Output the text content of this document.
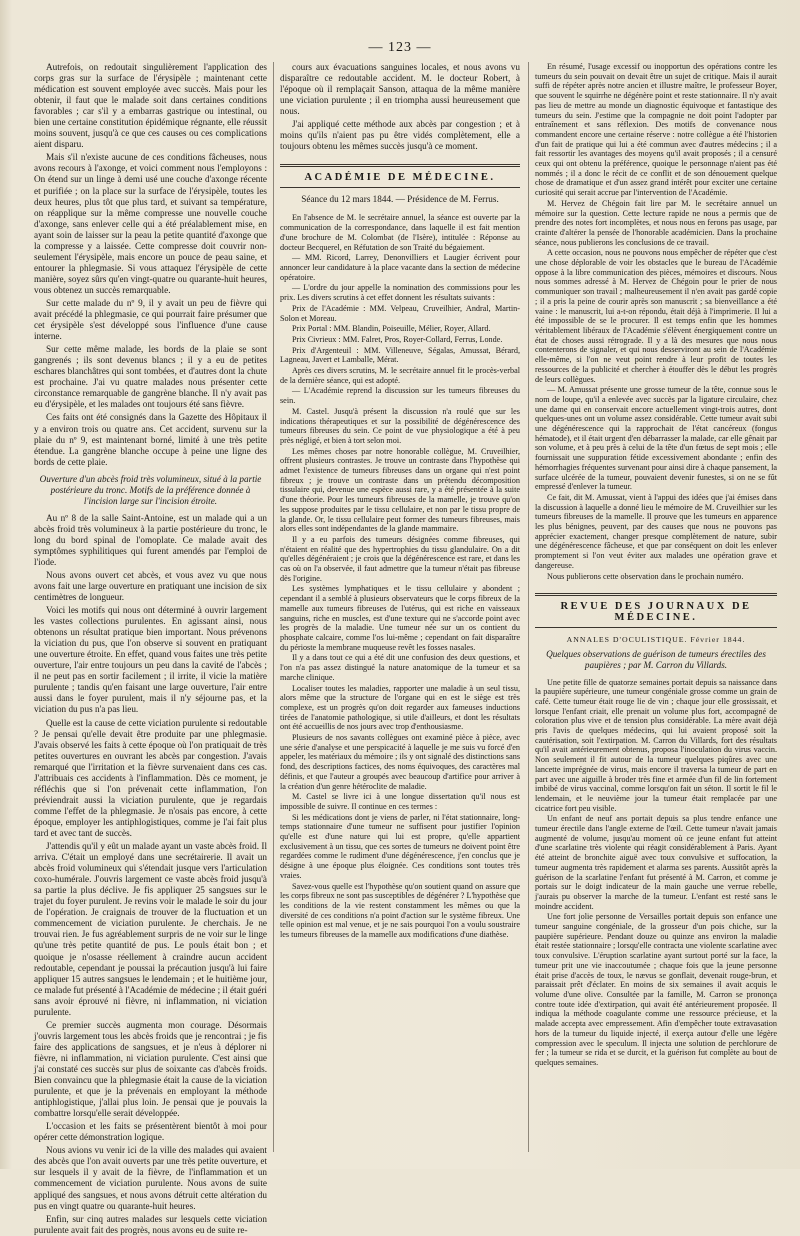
— 123 —

Autrefois, on redoutait singulièrement l'application des corps gras sur la surface de l'érysipèle ; maintenant cette médication est souvent employée avec succès. Mais pour les obtenir, il faut que le malade soit dans certaines conditions favorables ; car s'il y a embarras gastrique ou intestinal, ou bien une certaine constitution épidémique régnante, elle réussit moins souvent, jusqu'à ce que ces causes ou ces complications aient disparu.

Mais s'il n'existe aucune de ces conditions fâcheuses, nous avons recours à l'axonge, et voici comment nous l'employons : On étend sur un linge à demi usé une couche d'axonge récente et purifiée ; on la place sur la surface de l'érysipèle, toutes les deux heures, plus tôt que plus tard, et suivant sa température, on réapplique sur la même compresse une nouvelle couche d'axonge, sans enlever celle qui a été préalablement mise, en ayant soin de laisser sur la peau la petite quantité d'axonge que la compresse y a laissée. Cette compresse doit couvrir non-seulement l'érysipèle, mais encore un pouce de peau saine, et entourer la phlegmasie. Si vous attaquez l'érysipèle de cette manière, soyez sûrs qu'en vingt-quatre ou quarante-huit heures, vous obtenez un succès remarquable.

Sur cette malade du nº 9, il y avait un peu de fièvre qui avait précédé la phlegmasie, ce qui pourrait faire présumer que cet érysipèle s'est développé sous l'influence d'une cause interne.

Sur cette même malade, les bords de la plaie se sont gangrenés ; ils sont devenus blancs ; il y a eu de petites eschares blanchâtres qui sont tombées, et d'autres dont la chute est prochaine. J'ai vu quatre malades nous présenter cette circonstance remarquable de gangrène blanche. Il n'y avait pas eu d'érysipèle, et les malades ont toujours été sans fièvre.

Ces faits ont été consignés dans la Gazette des Hôpitaux il y a environ trois ou quatre ans. Cet accident, survenu sur la plaie du nº 9, est maintenant borné, limité à une très petite étendue. La gangrène blanche occupe à peine une ligne des bords de cette plaie.

Ouverture d'un abcès froid très volumineux, situé à la partie postérieure du tronc. Motifs de la préférence donnée à l'incision large sur l'incision étroite.

Au nº 8 de la salle Saint-Antoine, est un malade qui a un abcès froid très volumineux à la partie postérieure du tronc, le long du bord spinal de l'omoplate. Ce malade avait des symptômes syphilitiques qui furent amendés par l'emploi de l'iode.

Nous avons ouvert cet abcès, et vous avez vu que nous avons fait une large ouverture en pratiquant une incision de six centimètres de longueur.

Voici les motifs qui nous ont déterminé à ouvrir largement les vastes collections purulentes. En agissant ainsi, nous obtenons un résultat pratique bien important. Nous prévenons la viciation du pus, que l'on observe si souvent en pratiquant une ouverture étroite. En effet, quand vous faites une très petite ouverture, l'air entre toujours un peu dans la cavité de l'abcès ; il ne peut pas en sortir facilement ; il irrite, il vicie la matière purulente ; tandis qu'en faisant une large ouverture, l'air entre aussi dans le foyer purulent, mais il n'y séjourne pas, et la viciation du pus n'a pas lieu.

Quelle est la cause de cette viciation purulente si redoutable ? Je pensai qu'elle devait être produite par une phlegmasie. J'avais observé les faits à cette époque où l'on pratiquait de très petites ouvertures en ouvrant les abcès par congestion. J'avais remarqué que l'irritation et la fièvre survenaient dans ces cas. J'attribuais ces accidents à l'inflammation. Dès ce moment, je réfléchis que si l'on prévenait cette inflammation, l'on préviendrait aussi la viciation purulente, que je regardais comme l'effet de la phlegmasie. Je n'osais pas encore, à cette époque, employer les antiphlogistiques, comme je l'ai fait plus tard et avec tant de succès.

J'attendis qu'il y eût un malade ayant un vaste abcès froid. Il arriva. C'était un employé dans une secrétairerie. Il avait un abcès froid volumineux qui s'étendait jusque vers l'articulation coxo-humérale. J'ouvris largement ce vaste abcès froid jusqu'à sa partie la plus déclive. Je fis appliquer 25 sangsues sur le trajet du foyer purulent. Je revins voir le malade le soir du jour de l'opération. Je craignais de trouver de la fluctuation et un commencement de viciation purulente. Je cherchais. Je ne trouvai rien. Je fus agréablement surpris de ne voir sur le linge qu'une très petite quantité de pus. Le pouls était bon ; et quoique je n'osasse réellement à craindre aucun accident redoutable, cependant je poussai la précaution jusqu'à lui faire appliquer 15 autres sangsues le lendemain ; et le huitième jour, ce malade fut présenté à l'Académie de médecine ; il était guéri sans avoir éprouvé ni fièvre, ni inflammation, ni viciation purulente.

Ce premier succès augmenta mon courage. Désormais j'ouvris largement tous les abcès froids que je rencontrai ; je fis faire des applications de sangsues, et je n'eus à déplorer ni fièvre, ni inflammation, ni viciation purulente. C'est ainsi que j'ai constaté ces succès sur plus de soixante cas d'abcès froids. Bien convaincu que la phlegmasie était la cause de la viciation purulente, et que je la prévenais en employant la méthode antiphlogistique, j'allai plus loin. Je pensai que je pouvais la combattre lorsqu'elle serait développée.

L'occasion et les faits se présentèrent bientôt à moi pour opérer cette démonstration logique.

Nous avions vu venir ici de la ville des malades qui avaient des abcès que l'on avait ouverts par une très petite ouverture, et sur lesquels il y avait de la fièvre, de l'inflammation et un commencement de viciation purulente. Nous avons de suite appliqué des sangsues, et nous avons détruit cette altération du pus en vingt quatre ou quarante-huit heures.

Enfin, sur cinq autres malades sur lesquels cette viciation purulente avait fait des progrès, nous avons eu de suite re-

cours aux évacuations sanguines locales, et nous avons vu disparaître ce redoutable accident. M. le docteur Robert, à l'époque où il remplaçait Sanson, attaqua de la même manière une viciation purulente ; il en triompha aussi heureusement que nous.

J'ai appliqué cette méthode aux abcès par congestion ; et à moins qu'ils n'aient pas pu être vidés complètement, elle a toujours obtenu les mêmes succès jusqu'à ce moment.

ACADÉMIE DE MÉDECINE.

Séance du 12 mars 1844. — Présidence de M. Ferrus.

En l'absence de M. le secrétaire annuel, la séance est ouverte par la communication de la correspondance, dans laquelle il est fait mention d'une brochure de M. Colombat (de l'Isère), intitulée : Réponse au docteur Becquerel, en Réfutation de son Traité du bégaiement.

— MM. Ricord, Larrey, Denonvilliers et Laugier écrivent pour annoncer leur candidature à la place vacante dans la section de médecine opératoire.

— L'ordre du jour appelle la nomination des commissions pour les prix. Les divers scrutins à cet effet donnent les résultats suivants :

Prix de l'Académie : MM. Velpeau, Cruveilhier, Andral, Martin-Solon et Moreau.

Prix Portal : MM. Blandin, Poiseuille, Mélier, Royer, Allard.

Prix Civrieux : MM. Falret, Pros, Royer-Collard, Ferrus, Londe.

Prix d'Argenteuil : MM. Villeneuve, Ségalas, Amussat, Bérard, Lagneau, Javert et Lamballe, Mérat.

Après ces divers scrutins, M. le secrétaire annuel fit le procès-verbal de la dernière séance, qui est adopté.

— L'Académie reprend la discussion sur les tumeurs fibreuses du sein.

M. Castel. Jusqu'à présent la discussion n'a roulé que sur les indications thérapeutiques et sur la possibilité de dégénérescence des tumeurs fibreuses du sein. Ce point de vue physiologique a été à peu près négligé, et bien à tort selon moi.

Les mêmes choses par notre honorable collègue, M. Cruveilhier, offrent plusieurs contrastes. Je trouve un contraste dans l'hypothèse qui admet l'existence de tumeurs fibreuses dans un organe qui n'est point fibreux ; je trouve un contraste dans un prétendu décomposition tissulaire qui, devenue une espèce aussi rare, y a été présentée à la suite d'une théorie. Pour les tumeurs fibreuses de la mamelle, je trouve qu'on les suppose produites par le tissu cellulaire, et non par le tissu propre de la glande. Or, le tissu cellulaire peut former des tumeurs fibreuses, mais alors elles sont indépendantes de la glande mammaire.

Il y a eu parfois des tumeurs désignées comme fibreuses, qui n'étaient en réalité que des hypertrophies du tissu glandulaire. On a dit qu'elles dégénéraient ; je crois que la dégénérescence est rare, et dans les cas où on l'a observée, il faut admettre que la tumeur n'était pas fibreuse dès l'origine.

Les systèmes lymphatiques et le tissu cellulaire y abondent ; cependant il a semblé à plusieurs observateurs que le corps fibreux de la mamelle aux tumeurs fibreuses de l'utérus, qui est riche en vaisseaux sanguins, riche en muscles, est d'une texture qui ne s'accorde point avec les progrès de la maladie. Une tumeur née sur un os contient du phosphate calcaire, comme l'os lui-même ; cependant on fait disparaître du périoste la membrane muqueuse revêt les fosses nasales.

Il y a dans tout ce qui a été dit une confusion des deux questions, et l'on n'a pas assez distingué la nature anatomique de la tumeur et sa marche clinique.

Localiser toutes les maladies, rapporter une maladie à un seul tissu, alors même que la structure de l'organe qui en est le siège est très complexe, est un progrès qu'on doit regarder aux fameuses inductions tirées de l'anatomie pathologique, si utile d'ailleurs, et dont les résultats ont été accueillis de nos jours avec trop d'enthousiasme.

Plusieurs de nos savants collègues ont examiné pièce à pièce, avec une série d'analyse et une perspicacité à laquelle je me suis vu forcé d'en appeler, les matériaux du mémoire ; ils y ont signalé des distinctions sans fond, des descriptions factices, des noms équivoques, des caractères mal définis, et que l'auteur a groupés avec beaucoup d'artifice pour arriver à la création d'un genre hétéroclite de maladie.

M. Castel se livre ici à une longue dissertation qu'il nous est impossible de suivre. Il continue en ces termes :

Si les médications dont je viens de parler, ni l'état stationnaire, long-temps stationnaire d'une tumeur ne suffisent pour justifier l'opinion qu'elle est d'une nature qui lui est propre, qu'elle appartient exclusivement à un tissu, que ces sortes de tumeurs ne doivent point être regardées comme le rudiment d'une dégénérescence, j'en conclus que je désigne à une époque plus éloignée. Ces conditions sont toutes très vraies.

Savez-vous quelle est l'hypothèse qu'on soutient quand on assure que les corps fibreux ne sont pas susceptibles de dégénérer ? L'hypothèse que les conditions de la vie restent constamment les mêmes ou que la diversité de ces conditions n'a point d'action sur le système fibreux. Une telle opinion est mal venue, et je ne sais pourquoi l'on a voulu soustraire les tumeurs fibreuses de la mamelle aux modifications d'une diathèse.

En résumé, l'usage excessif ou inopportun des opérations contre les tumeurs du sein pouvait on devait être un sujet de critique. Mais il aurait suffi de répéter après notre ancien et illustre maître, le professeur Boyer, que souvent le squirrhe ne dégénère point et reste stationnaire. Il n'y avait pas lieu de mettre au monde un diagnostic équivoque et fantastique des tumeurs du sein. J'estime que la compagnie ne doit point l'adopter par entraînement et sans réflexion. Des motifs de convenance nous commandent encore une certaine réserve : notre collègue a été l'historien d'un fait de pratique qui lui a été commun avec d'autres médecins ; il a fait ressortir les avantages des moyens qu'il avait proposés ; il a censuré ceux qui ont obtenu la préférence, quoique le personnage n'aient pas été nommés ; il a donc le récit de ce conflit et de son dénouement quelque chose de dramatique et d'un assez grand intérêt pour exciter une certaine curiosité qui serait accrue par l'intervention de l'Académie.

M. Hervez de Chégoin fait lire par M. le secrétaire annuel un mémoire sur la question. Cette lecture rapide ne nous a permis que de prendre des notes fort incomplètes, et nous nous en ferons pas usage, par crainte d'altérer la pensée de l'honorable académicien. Dans la prochaine séance, nous publierons les conclusions de ce travail.

A cette occasion, nous ne pouvons nous empêcher de répéter que c'est une chose déplorable de voir les obstacles que le bureau de l'Académie oppose à la libre communication des pièces, mémoires et discours. Nous nous sommes adressé à M. Hervez de Chégoin pour le prier de nous communiquer son travail ; malheureusement il n'en avait pas gardé copie ; il a pris la peine de courir après son manuscrit ; sa bienveillance a été vaine : le manuscrit, lui a-t-on répondu, était déjà à l'imprimerie. Il lui a été impossible de se le procurer. Il est temps enfin que les hommes véritablement libéraux de l'Académie s'élèvent énergiquement contre un état de choses aussi rétrograde. Il y a là des mesures que nous nous contenterons de signaler, et qui nous desserviront au sein de l'Académie elle-même, si l'on ne veut point rendre à leur profit de toutes les ressources de la publicité et chercher à étouffer dès le début les progrès de leurs collègues.

— M. Amussat présente une grosse tumeur de la tête, connue sous le nom de loupe, qu'il a enlevée avec succès par la ligature circulaire, chez une dame qui en conservait encore actuellement vingt-trois autres, dont quelques-unes ont un volume assez considérable. Cette tumeur avait subi une dégénérescence qui la rapprochait de l'état cancéreux (fongus hématode), et il était urgent d'en débarrasser la malade, car elle gênait par son volume, et à peu près à celui de la tête d'un fœtus de sept mois ; elle fournissait une suppuration fétide excessivement abondante ; enfin des hémorrhagies fréquentes survenant pour ainsi dire à chaque pansement, la surface ulcérée de la tumeur, pouvaient devenir funestes, si on ne se fût empressé d'enlever la tumeur.

Ce fait, dit M. Amussat, vient à l'appui des idées que j'ai émises dans la discussion à laquelle a donné lieu le mémoire de M. Cruveilhier sur les tumeurs fibreuses de la mamelle. Il prouve que les tumeurs en apparence les plus bénignes, peuvent, par des causes que nous ne pouvons pas apprécier exactement, changer presque complètement de nature, subir une dégénérescence fâcheuse, et que par conséquent on doit les enlever promptement si l'on veut éviter aux malades une opération grave et dangereuse.

Nous publierons cette observation dans le prochain numéro.

REVUE DES JOURNAUX DE MÉDECINE.

ANNALES D'OCULISTIQUE. Février 1844.

Quelques observations de guérison de tumeurs érectiles des paupières ; par M. Carron du Villards.

Une petite fille de quatorze semaines portait depuis sa naissance dans la paupière supérieure, une tumeur congéniale grosse comme un grain de café. Cette tumeur était rouge lie de vin ; chaque jour elle grossissait, et lorsque l'enfant criait, elle prenait un volume plus fort, accompagné de coloration plus vive et de tension plus considérable. La mère avait déjà pris l'avis de quelques médecins, qui lui avaient proposé soit la cautérisation, soit l'extirpation. M. Carron du Villards, fort des résultats qu'il avait antérieurement obtenus, proposa l'inoculation du virus vaccin. Non seulement il fit autour de la tumeur quelques piqûres avec une lancette imprégnée de virus, mais encore il traversa la tumeur de part en part avec une aiguille à broder très fine et armée d'un fil de lin fortement imbibé de virus vaccinal, comme lorsqu'on fait un séton. Il sortit le fil le lendemain, et le neuvième jour la tumeur était remplacée par une cicatrice fort peu visible.

Un enfant de neuf ans portait depuis sa plus tendre enfance une tumeur érectile dans l'angle externe de l'œil. Cette tumeur n'avait jamais augmenté de volume, jusqu'au moment où ce jeune enfant fut atteint d'une scarlatine très violente qui réagit considérablement à Paris. Ayant été atteint de bronchite aiguë avec toux convulsive et suffocation, la tumeur augmenta très rapidement et alarma ses parents. Aussitôt après la guérison de la scarlatine l'enfant fut présenté à M. Carron, et comme je portais sur le doigt indicateur de la main gauche une verrue rebelle, j'aurais pu observer la marche de la tumeur. L'enfant est resté sans le moindre accident.

Une fort jolie personne de Versailles portait depuis son enfance une tumeur sanguine congéniale, de la grosseur d'un pois chiche, sur la paupière supérieure. Pendant douze ou quinze ans environ la maladie était restée stationnaire ; lorsqu'elle contracta une violente scarlatine avec toux convulsive. L'éruption scarlatine ayant surtout porté sur la face, la tumeur prit une vie inaccoutumée ; chaque fois que la jeune personne était prise d'accès de toux, le nævus se gonflait, devenait rouge-brun, et paraissait prêt d'éclater. En moins de six semaines il avait acquis le volume d'une olive. Consultée par la famille, M. Carron se prononça contre toute idée d'extirpation, qui avait été antérieurement proposée. Il indiqua la méthode coagulante comme une ressource précieuse, et la malade accepta avec empressement. Afin d'empêcher toute extravasation hors de la tumeur du liquide injecté, il exerça autour d'elle une légère compression avec le speculum. Il injecta une solution de perchlorure de fer ; la tumeur se rida et se durcit, et la guérison fut complète au bout de quelques semaines.
